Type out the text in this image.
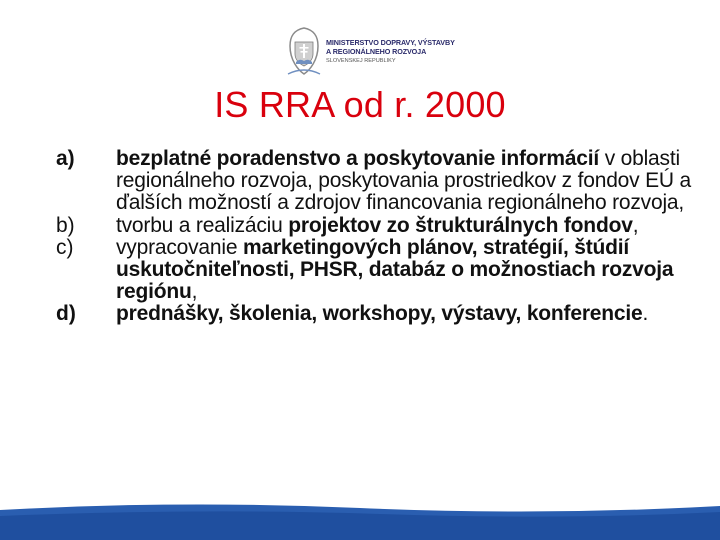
MINISTERSTVO DOPRAVY, VÝSTAVBY
A REGIONÁLNEHO ROZVOJA
SLOVENSKEJ REPUBLIKY
IS RRA od r. 2000
a)	bezplatné poradenstvo a poskytovanie informácií v oblasti regionálneho rozvoja, poskytovania prostriedkov z fondov EÚ a ďalších možností a zdrojov financovania regionálneho rozvoja,
b)	tvorbu a realizáciu projektov zo štrukturálnych fondov,
c)	vypracovanie marketingových plánov, stratégií, štúdií uskutočniteľnosti, PHSR, databáz o možnostiach rozvoja regiónu,
d)	prednášky, školenia, workshopy, výstavy, konferencie.
